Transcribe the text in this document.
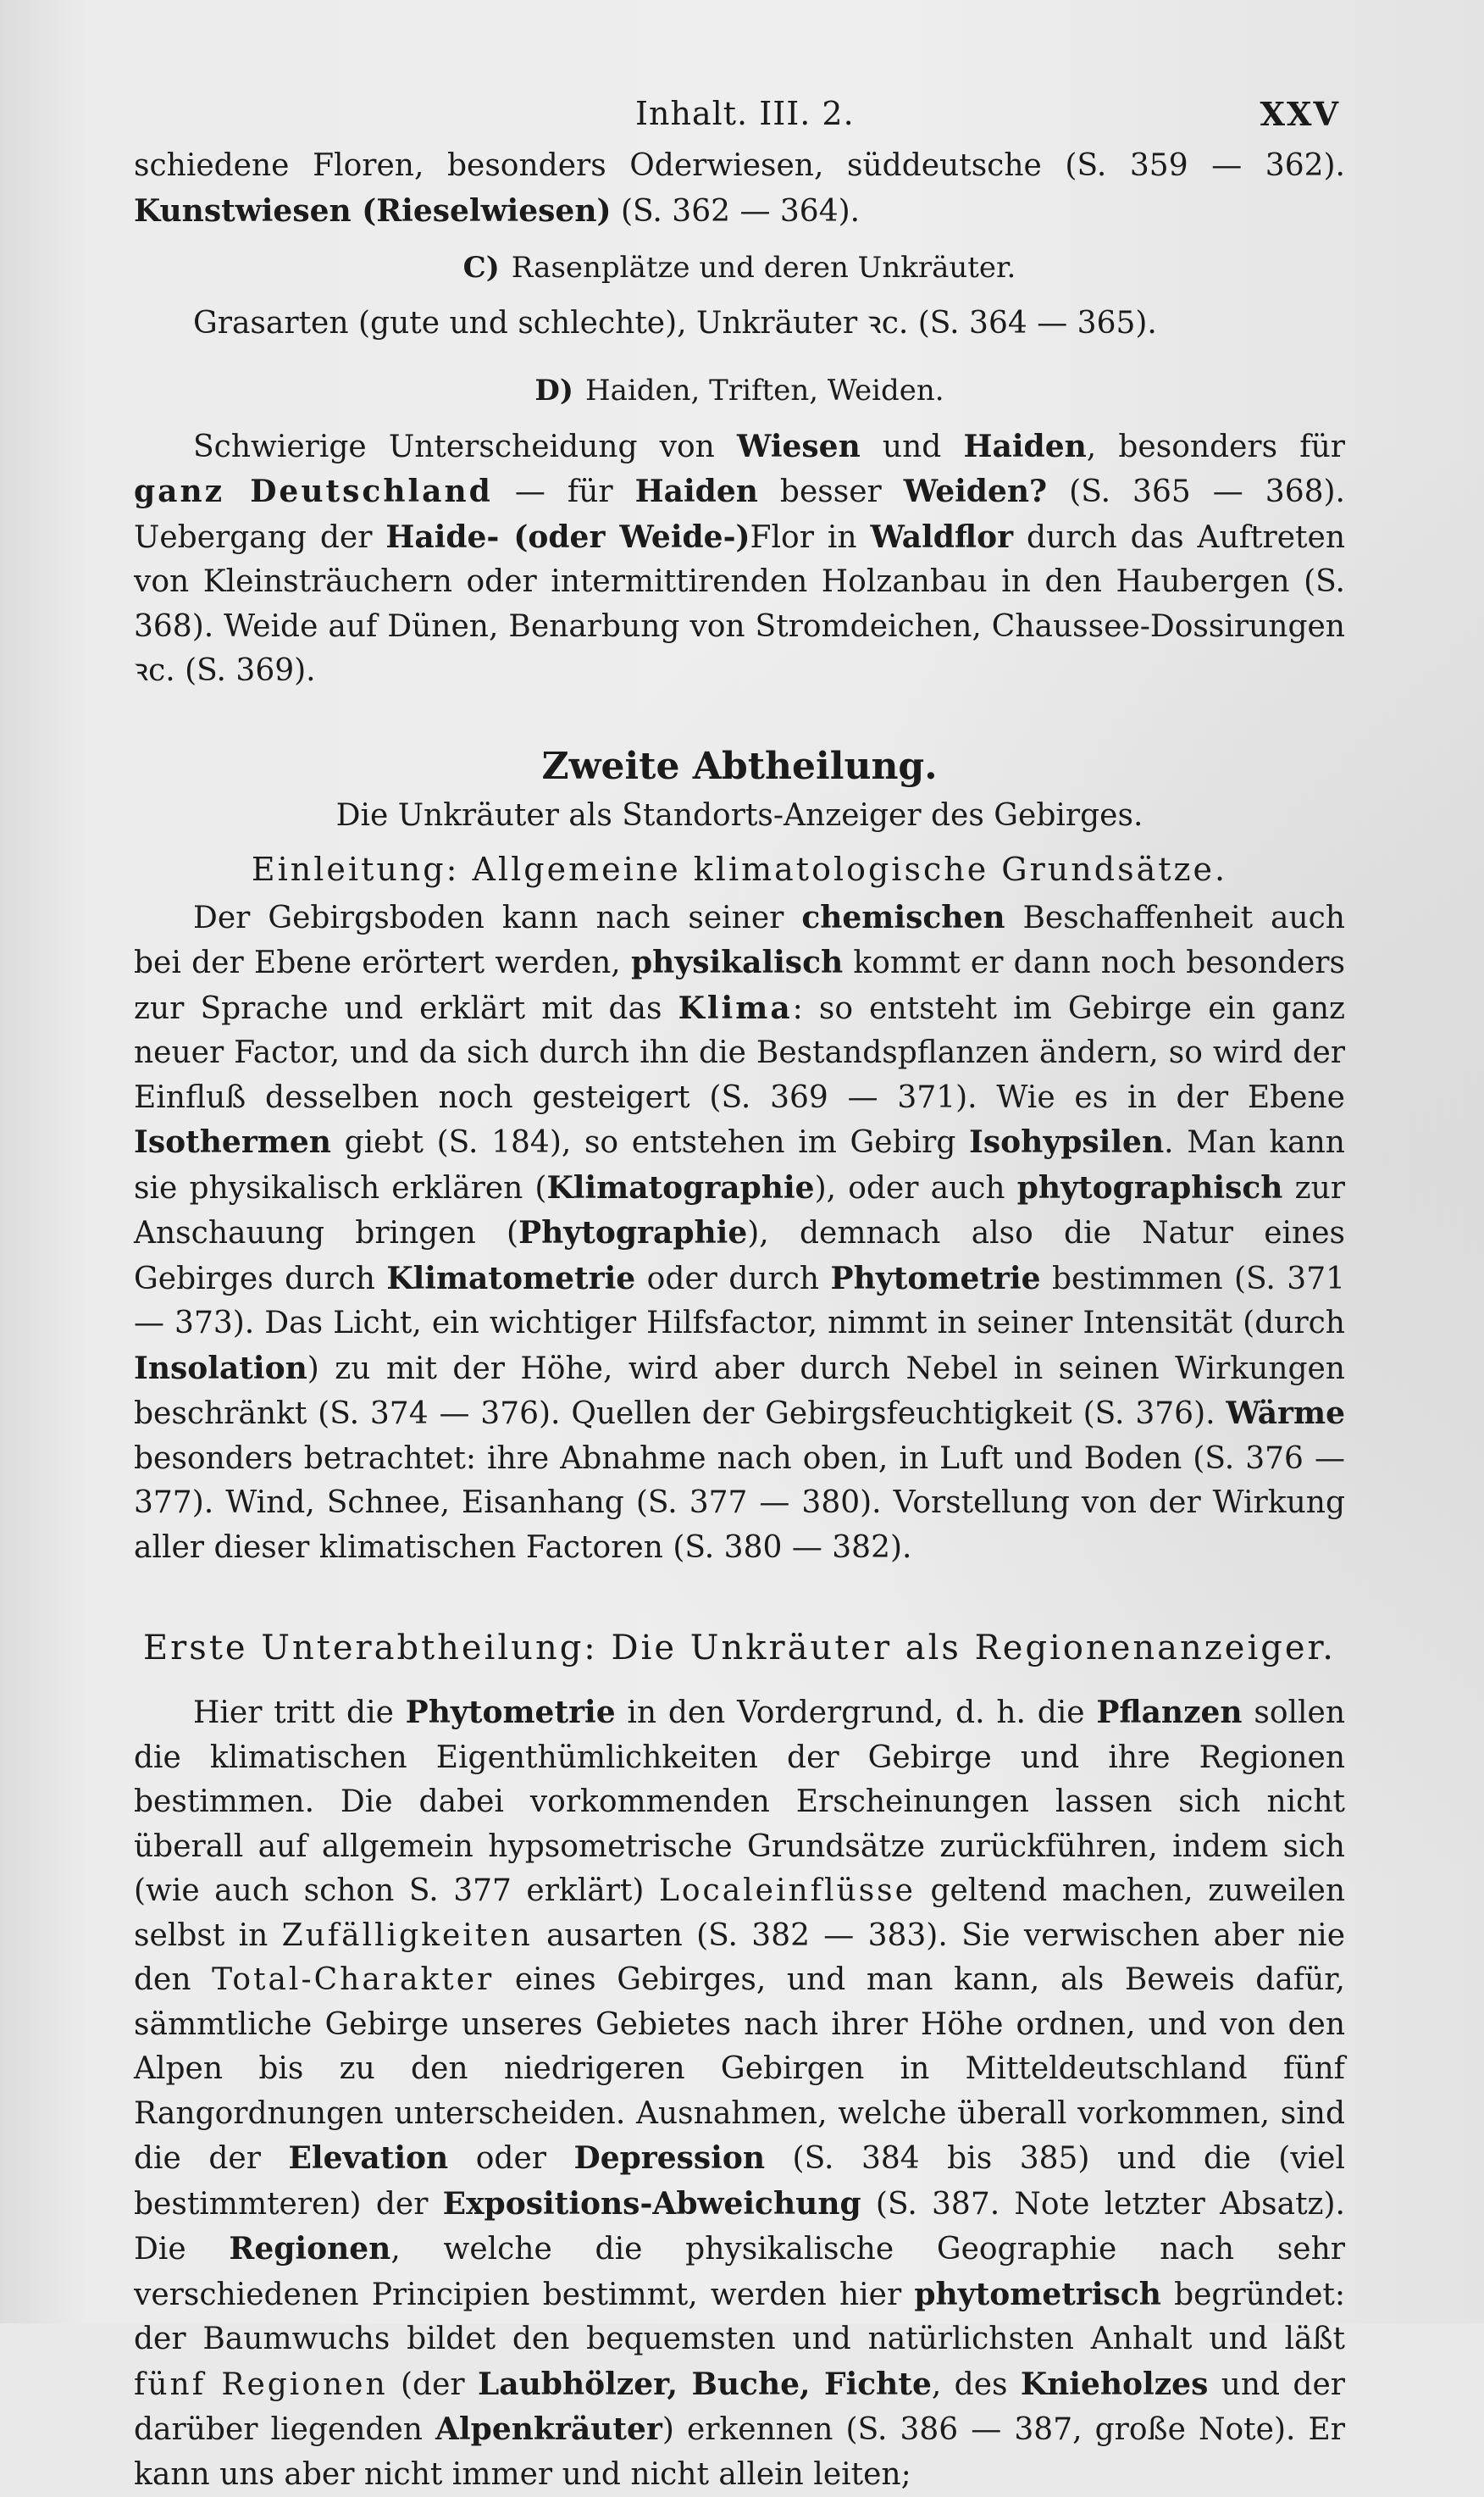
Inhalt. III. 2.	XXV

schiedene Floren, besonders Oderwiesen, süddeutsche (S. 359 — 362). Kunstwiesen (Rieselwiesen) (S. 362 — 364).

C) Rasenplätze und deren Unkräuter.

Grasarten (gute und schlechte), Unkräuter ꝛc. (S. 364 — 365).

D) Haiden, Triften, Weiden.

Schwierige Unterscheidung von Wiesen und Haiden, besonders für ganz Deutschland — für Haiden besser Weiden? (S. 365 — 368). Uebergang der Haide- (oder Weide-)Flor in Waldflor durch das Auftreten von Kleinsträuchern oder intermittirenden Holzanbau in den Haubergen (S. 368). Weide auf Dünen, Benarbung von Stromdeichen, Chaussee-Dossirungen ꝛc. (S. 369).

Zweite Abtheilung.
Die Unkräuter als Standorts-Anzeiger des Gebirges.
Einleitung: Allgemeine klimatologische Grundsätze.

Der Gebirgsboden kann nach seiner chemischen Beschaffenheit auch bei der Ebene erörtert werden, physikalisch kommt er dann noch besonders zur Sprache und erklärt mit das Klima: so entsteht im Gebirge ein ganz neuer Factor, und da sich durch ihn die Bestandspflanzen ändern, so wird der Einfluß desselben noch gesteigert (S. 369 — 371). Wie es in der Ebene Isothermen giebt (S. 184), so entstehen im Gebirg Isohypsilen. Man kann sie physikalisch erklären (Klimatographie), oder auch phytographisch zur Anschauung bringen (Phytographie), demnach also die Natur eines Gebirges durch Klimatometrie oder durch Phytometrie bestimmen (S. 371 — 373). Das Licht, ein wichtiger Hilfsfactor, nimmt in seiner Intensität (durch Insolation) zu mit der Höhe, wird aber durch Nebel in seinen Wirkungen beschränkt (S. 374 — 376). Quellen der Gebirgsfeuchtigkeit (S. 376). Wärme besonders betrachtet: ihre Abnahme nach oben, in Luft und Boden (S. 376 — 377). Wind, Schnee, Eisanhang (S. 377 — 380). Vorstellung von der Wirkung aller dieser klimatischen Factoren (S. 380 — 382).

Erste Unterabtheilung: Die Unkräuter als Regionenanzeiger.

Hier tritt die Phytometrie in den Vordergrund, d. h. die Pflanzen sollen die klimatischen Eigenthümlichkeiten der Gebirge und ihre Regionen bestimmen. Die dabei vorkommenden Erscheinungen lassen sich nicht überall auf allgemein hypsometrische Grundsätze zurückführen, indem sich (wie auch schon S. 377 erklärt) Localeinflüsse geltend machen, zuweilen selbst in Zufälligkeiten ausarten (S. 382 — 383). Sie verwischen aber nie den Total-Charakter eines Gebirges, und man kann, als Beweis dafür, sämmtliche Gebirge unseres Gebietes nach ihrer Höhe ordnen, und von den Alpen bis zu den niedrigeren Gebirgen in Mitteldeutschland fünf Rangordnungen unterscheiden. Ausnahmen, welche überall vorkommen, sind die der Elevation oder Depression (S. 384 bis 385) und die (viel bestimmteren) der Expositions-Abweichung (S. 387. Note letzter Absatz). Die Regionen, welche die physikalische Geographie nach sehr verschiedenen Principien bestimmt, werden hier phytometrisch begründet: der Baumwuchs bildet den bequemsten und natürlichsten Anhalt und läßt fünf Regionen (der Laubhölzer, Buche, Fichte, des Knieholzes und der darüber liegenden Alpenkräuter) erkennen (S. 386 — 387, große Note). Er kann uns aber nicht immer und nicht allein leiten;
